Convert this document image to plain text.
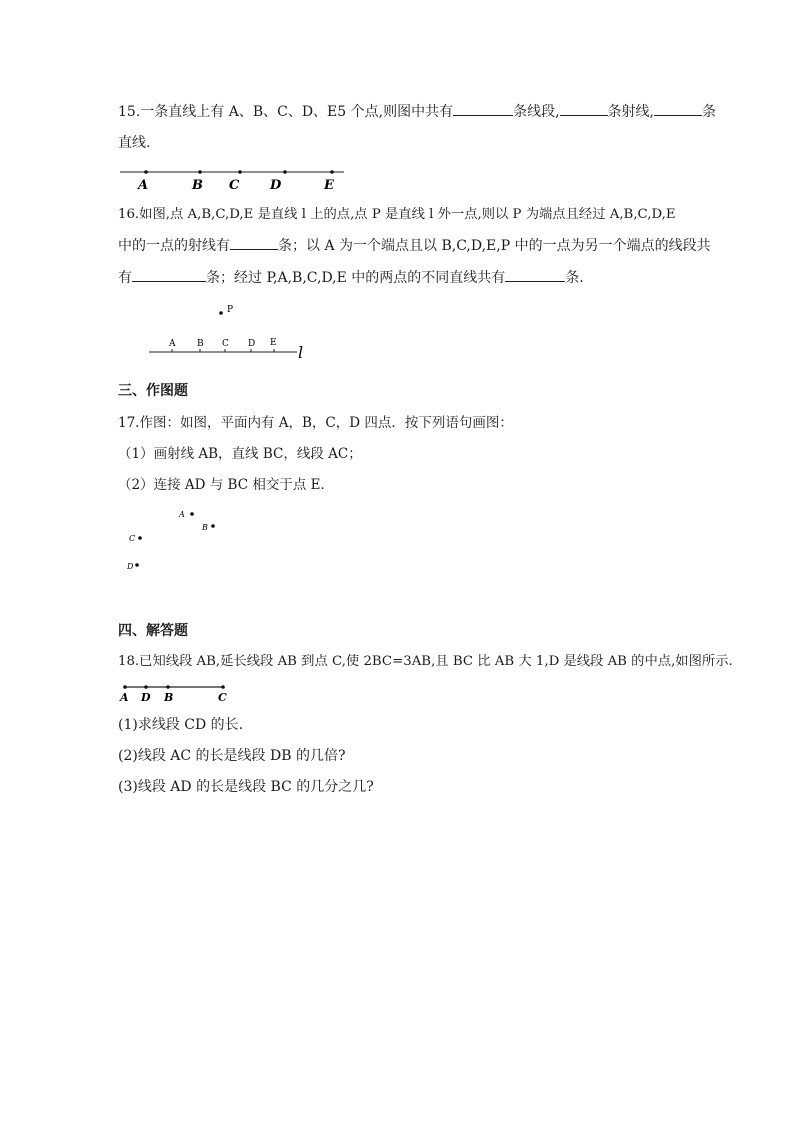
15.一条直线上有 A、B、C、D、E5 个点,则图中共有	条线段,	条射线,	条
直线.
A	B C D	E
16.如图,点 A,B,C,D,E 是直线 l 上的点,点 P 是直线 l 外一点,则以 P 为端点且经过 A,B,C,D,E
中的一点的射线有	条；以 A 为一个端点且以 B,C,D,E,P 中的一点为另一个端点的线段共
有	条；经过 P,A,B,C,D,E 中的两点的不同直线共有	条.
P
A B C D E l
三、作图题
17.作图：如图，平面内有 A，B，C，D 四点．按下列语句画图：
（1）画射线 AB，直线 BC，线段 AC；
（2）连接 AD 与 BC 相交于点 E．
A
B
C
D
四、解答题
18.已知线段 AB,延长线段 AB 到点 C,使 2BC=3AB,且 BC 比 AB 大 1,D 是线段 AB 的中点,如图所示.
A D B	C
(1)求线段 CD 的长.
(2)线段 AC 的长是线段 DB 的几倍?
(3)线段 AD 的长是线段 BC 的几分之几?
